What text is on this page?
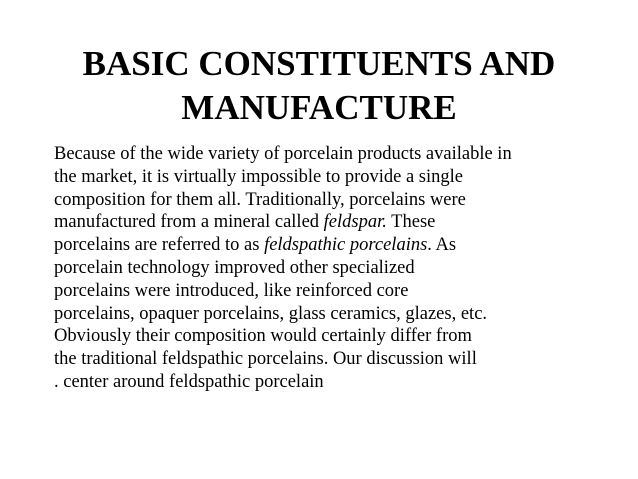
BASIC CONSTITUENTS AND
MANUFACTURE
Because of the wide variety of porcelain products available in
the market, it is virtually impossible to provide a single
composition for them all. Traditionally, porcelains were
manufactured from a mineral called feldspar. These
porcelains are referred to as feldspathic porcelains. As
porcelain technology improved other specialized
porcelains were introduced, like reinforced core
porcelains, opaquer porcelains, glass ceramics, glazes, etc.
Obviously their composition would certainly differ from
the traditional feldspathic porcelains. Our discussion will
. center around feldspathic porcelain
